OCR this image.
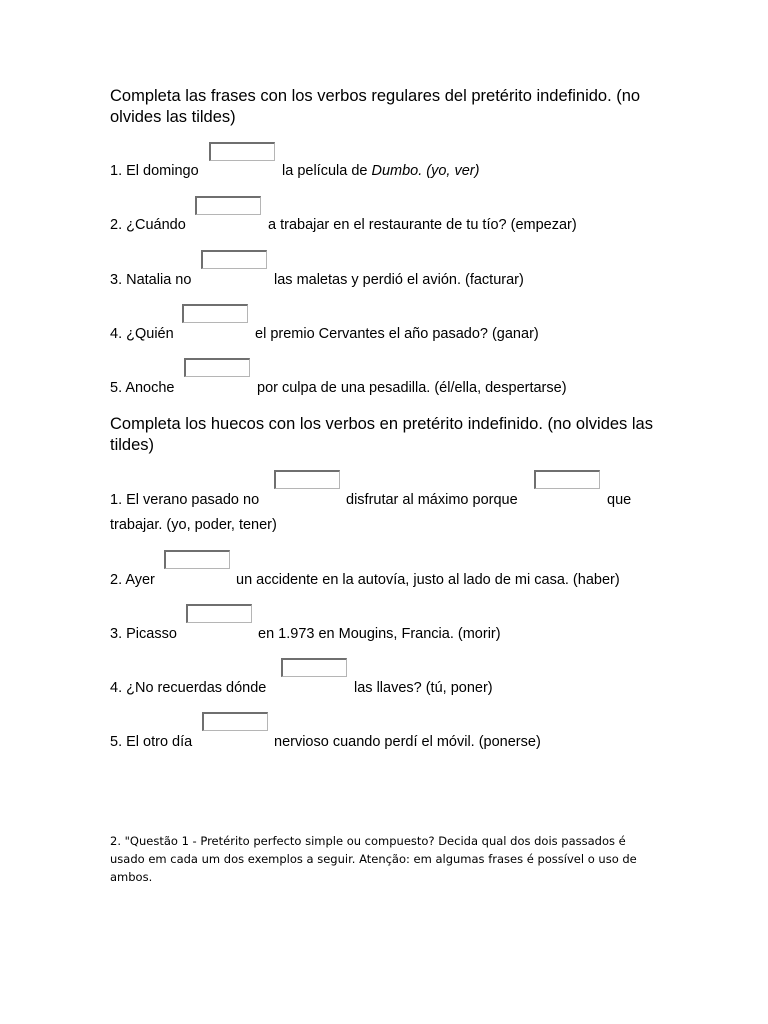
Completa las frases con los verbos regulares del pretérito indefinido. (no olvides las tildes)
1. El domingo	la película de Dumbo. (yo, ver)
2. ¿Cuándo	a trabajar en el restaurante de tu tío? (empezar)
3. Natalia no	las maletas y perdió el avión. (facturar)
4. ¿Quién	el premio Cervantes el año pasado? (ganar)
5. Anoche	por culpa de una pesadilla. (él/ella, despertarse)
Completa los huecos con los verbos en pretérito indefinido. (no olvides las tildes)
1. El verano pasado no	disfrutar al máximo porque	que
trabajar. (yo, poder, tener)
2. Ayer	un accidente en la autovía, justo al lado de mi casa. (haber)
3. Picasso	en 1.973 en Mougins, Francia. (morir)
4. ¿No recuerdas dónde	las llaves? (tú, poner)
5. El otro día	nervioso cuando perdí el móvil. (ponerse)
2. "Questão 1 - Pretérito perfecto simple ou compuesto? Decida qual dos dois passados é usado em cada um dos exemplos a seguir. Atenção: em algumas frases é possível o uso de ambos.
